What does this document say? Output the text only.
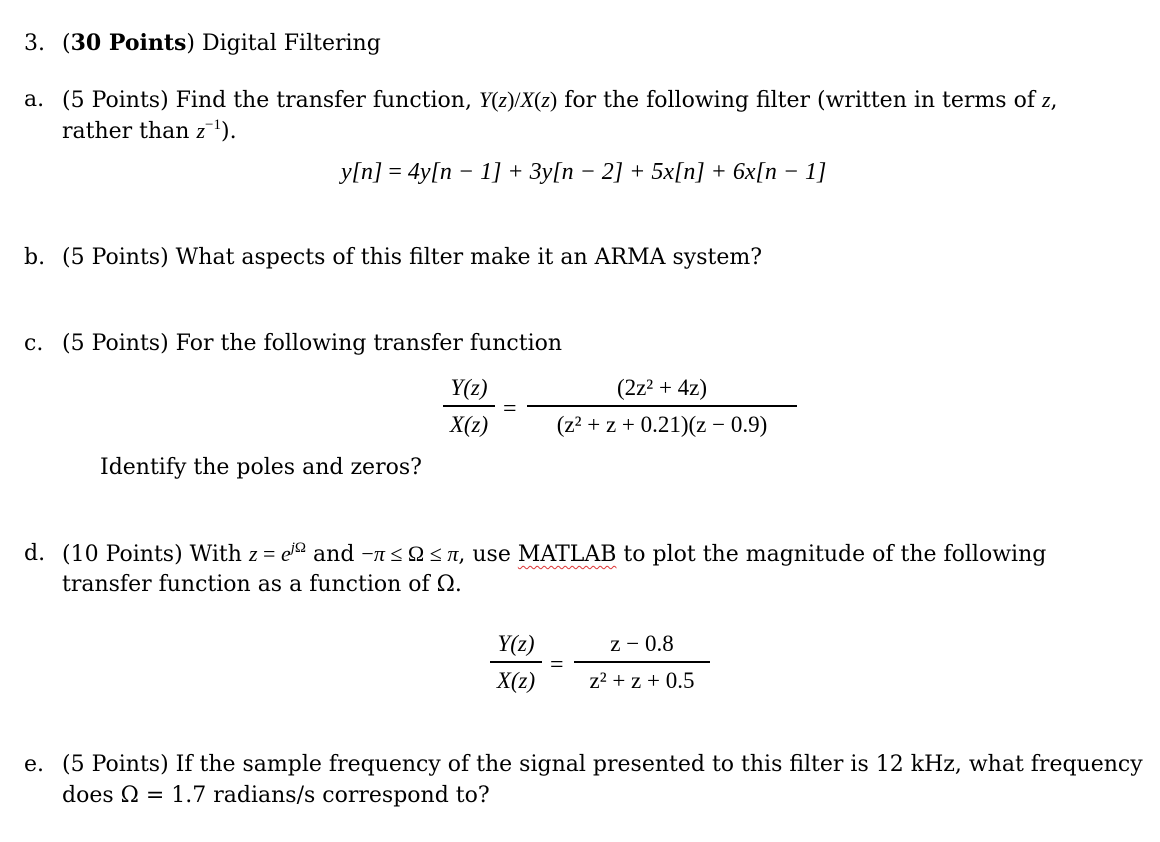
3. (30 Points) Digital Filtering
a. (5 Points) Find the transfer function, Y(z)/X(z) for the following filter (written in terms of z,
rather than $z^{-1}$).
y[n] = 4y[n − 1] + 3y[n − 2] + 5x[n] + 6x[n − 1]
b. (5 Points) What aspects of this filter make it an ARMA system?
c. (5 Points) For the following transfer function
Y(z)
X(z)
=
(2z² + 4z)
(z² + z + 0.21)(z − 0.9)
Identify the poles and zeros?
d. (10 Points) With $z = e^{j\Omega}$ and −π ≤ Ω ≤ π, use MATLAB to plot the magnitude of the following
transfer function as a function of Ω.
Y(z)
X(z)
=
z − 0.8
z² + z + 0.5
e. (5 Points) If the sample frequency of the signal presented to this filter is 12 kHz, what frequency
does Ω = 1.7 radians/s correspond to?
